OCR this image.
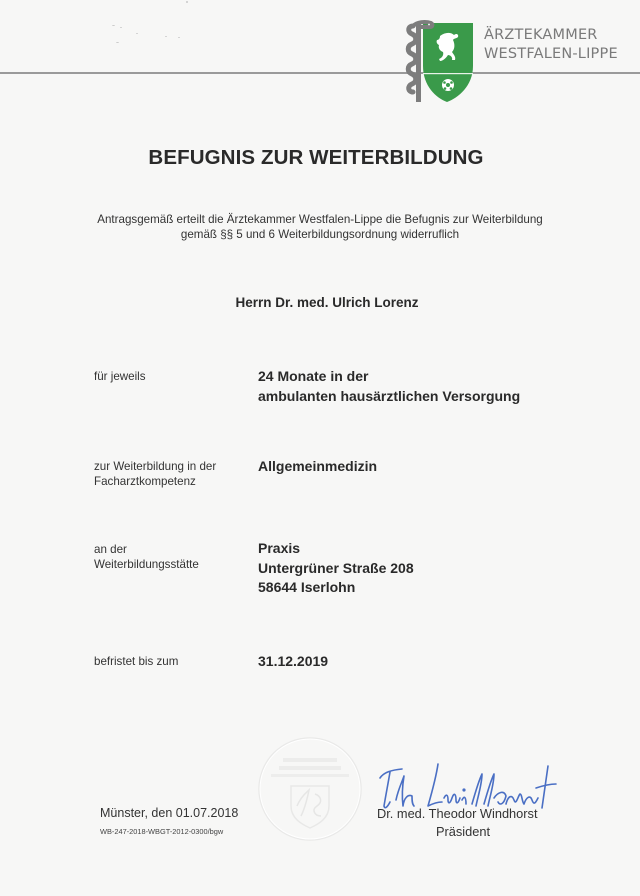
ÄRZTEKAMMER
WESTFALEN-LIPPE
BEFUGNIS ZUR WEITERBILDUNG
Antragsgemäß erteilt die Ärztekammer Westfalen-Lippe die Befugnis zur Weiterbildung
gemäß §§ 5 und 6 Weiterbildungsordnung widerruflich
Herrn Dr. med. Ulrich Lorenz
für jeweils	24 Monate in der
ambulanten hausärztlichen Versorgung
zur Weiterbildung in der
Facharztkompetenz
Allgemeinmedizin
an der
Weiterbildungsstätte
Praxis
Untergrüner Straße 208
58644 Iserlohn
befristet bis zum	31.12.2019
Münster, den 01.07.2018
WB-247-2018-WBGT-2012-0300/bgw
Dr. med. Theodor Windhorst
Präsident
